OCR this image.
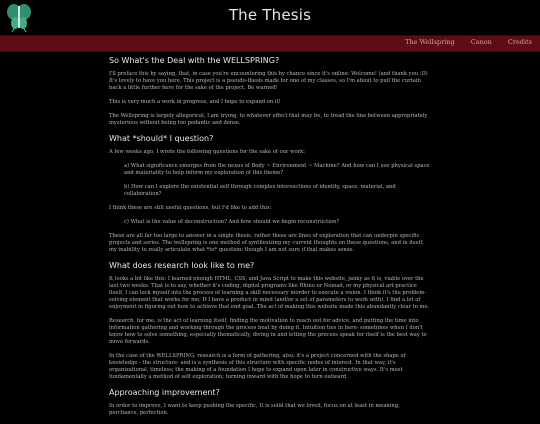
The Thesis
The Wellspring Canon Credits
So What's the Deal with the WELLSPRING?

I'll preface this by saying, that, in case you're encountering this by chance since it's online: Welcome! (and thank you :D) It's lovely to have you here. This project is a pseudo-thesis made for one of my classes, so I'm about to pull the curtain back a little further here for the sake of the project. Be warned!

This is very much a work in progress, and I hope to expand on it!

The Wellspring is largely allegorical, I am trying, to whatever effect that may be, to tread the line between appropriately mysterious without being too pedantic and dense.

What *should* I question?

A few weeks ago, I wrote the following questions for the sake of our work:

a) What significance emerges from the nexus of Body ~ Environment ~ Machine? And how can I use physical space and materiality to help inform my exploration of this theme?

b) How can I explore the existential self through complex intersections of identity, space, material, and collaboration?

I think these are still useful questions, but I'd like to add this:

c) What is the value of deconstruction? And how should we begin reconstruction?

These are all far too large to answer in a single thesis, rather these are lines of exploration that can underpin specific projects and series. The wellspring is one method of synthesizing my current thoughts on these questions, and in itself, my inability to really articulate what *to* question; though I am not sure if that makes sense.

What does research look like to me?

It looks a bit like this: I learned enough HTML, CSS, and Java Script to make this website, janky as it is, viable over the last two weeks. That is to say, whether it's coding, digital programs like Rhino or Nomad, or my physical art practice itself, I can lock myself into the process of learning a skill necessary inorder to execute a vision. I think it's the problem-solving element that works for me; If I have a product in mind (and/or a set of parameters to work with), I find a lot of enjoyment in figuring out how to achieve that end goal. The act of making this website made this abundantly clear to me.

Research, for me, is the act of learning itself, finding the motivation to reach out for advice, and putting the time into information gathering and working through the process beat by doing it. Intuition ties in here- sometimes when I don't know how to solve something, especially thematically, diving in and letting the process speak for itself is the best way to move forwards.

In the case of the WELLSPRING, research is a form of gathering, also; it's a project concerned with the shape of knowledge - the structure- and is a synthesis of this structure with specific nodes of interest. In that way, it's organizational, timeless; the making of a foundation I hope to expand upon later in constructive ways. It's most fundamentally a method of self exploration; turning inward with the hope to turn outward.

Approaching improvement?

In order to improve, I want to keep pushing the specific, It is solid that we loved, focus on at least in meaning, perchance, perfection.
